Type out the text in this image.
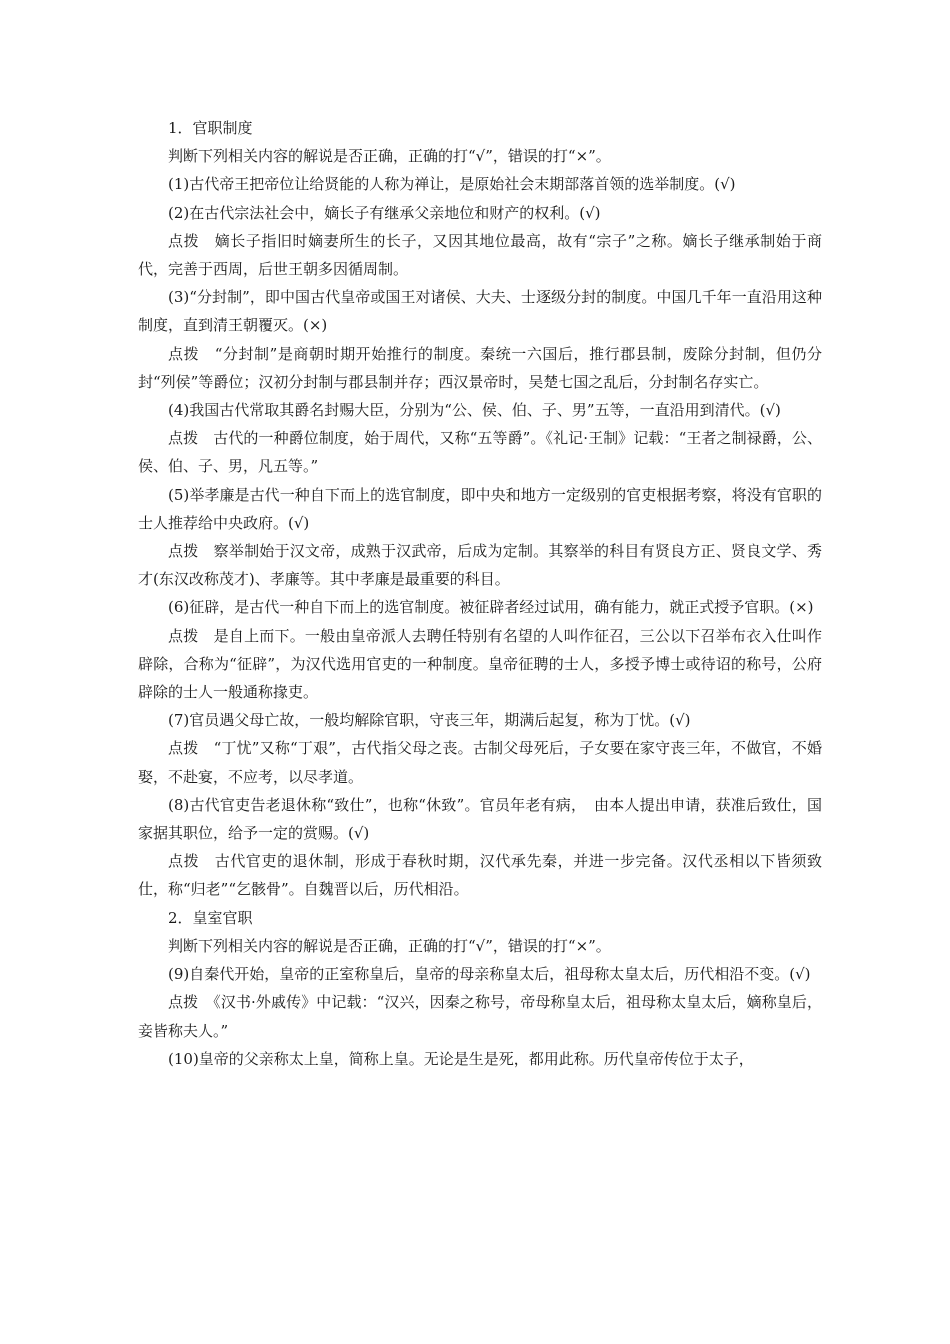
1．官职制度

判断下列相关内容的解说是否正确，正确的打“√”，错误的打“×”。

(1)古代帝王把帝位让给贤能的人称为禅让，是原始社会末期部落首领的选举制度。(√)

(2)在古代宗法社会中，嫡长子有继承父亲地位和财产的权利。(√)

点拨　嫡长子指旧时嫡妻所生的长子，又因其地位最高，故有“宗子”之称。嫡长子继承制始于商代，完善于西周，后世王朝多因循周制。

(3)“分封制”，即中国古代皇帝或国王对诸侯、大夫、士逐级分封的制度。中国几千年一直沿用这种制度，直到清王朝覆灭。(×)

点拨　“分封制”是商朝时期开始推行的制度。秦统一六国后，推行郡县制，废除分封制，但仍分封“列侯”等爵位；汉初分封制与郡县制并存；西汉景帝时，吴楚七国之乱后，分封制名存实亡。

(4)我国古代常取其爵名封赐大臣，分别为“公、侯、伯、子、男”五等，一直沿用到清代。(√)

点拨　古代的一种爵位制度，始于周代，又称“五等爵”。《礼记·王制》记载：“王者之制禄爵，公、侯、伯、子、男，凡五等。”

(5)举孝廉是古代一种自下而上的选官制度，即中央和地方一定级别的官吏根据考察，将没有官职的士人推荐给中央政府。(√)

点拨　察举制始于汉文帝，成熟于汉武帝，后成为定制。其察举的科目有贤良方正、贤良文学、秀才(东汉改称茂才)、孝廉等。其中孝廉是最重要的科目。

(6)征辟，是古代一种自下而上的选官制度。被征辟者经过试用，确有能力，就正式授予官职。(×)

点拨　是自上而下。一般由皇帝派人去聘任特别有名望的人叫作征召，三公以下召举布衣入仕叫作辟除，合称为“征辟”，为汉代选用官吏的一种制度。皇帝征聘的士人，多授予博士或待诏的称号，公府辟除的士人一般通称掾吏。

(7)官员遇父母亡故，一般均解除官职，守丧三年，期满后起复，称为丁忧。(√)

点拨　“丁忧”又称“丁艰”，古代指父母之丧。古制父母死后，子女要在家守丧三年，不做官，不婚娶，不赴宴，不应考，以尽孝道。

(8)古代官吏告老退休称“致仕”，也称“休致”。官员年老有病，　由本人提出申请，获准后致仕，国家据其职位，给予一定的赏赐。(√)

点拨　古代官吏的退休制，形成于春秋时期，汉代承先秦，并进一步完备。汉代丞相以下皆须致仕，称“归老”“乞骸骨”。自魏晋以后，历代相沿。

2．皇室官职

判断下列相关内容的解说是否正确，正确的打“√”，错误的打“×”。

(9)自秦代开始，皇帝的正室称皇后，皇帝的母亲称皇太后，祖母称太皇太后，历代相沿不变。(√)

点拨　《汉书·外戚传》中记载：“汉兴，因秦之称号，帝母称皇太后，祖母称太皇太后，嫡称皇后，妾皆称夫人。”

(10)皇帝的父亲称太上皇，简称上皇。无论是生是死，都用此称。历代皇帝传位于太子，
